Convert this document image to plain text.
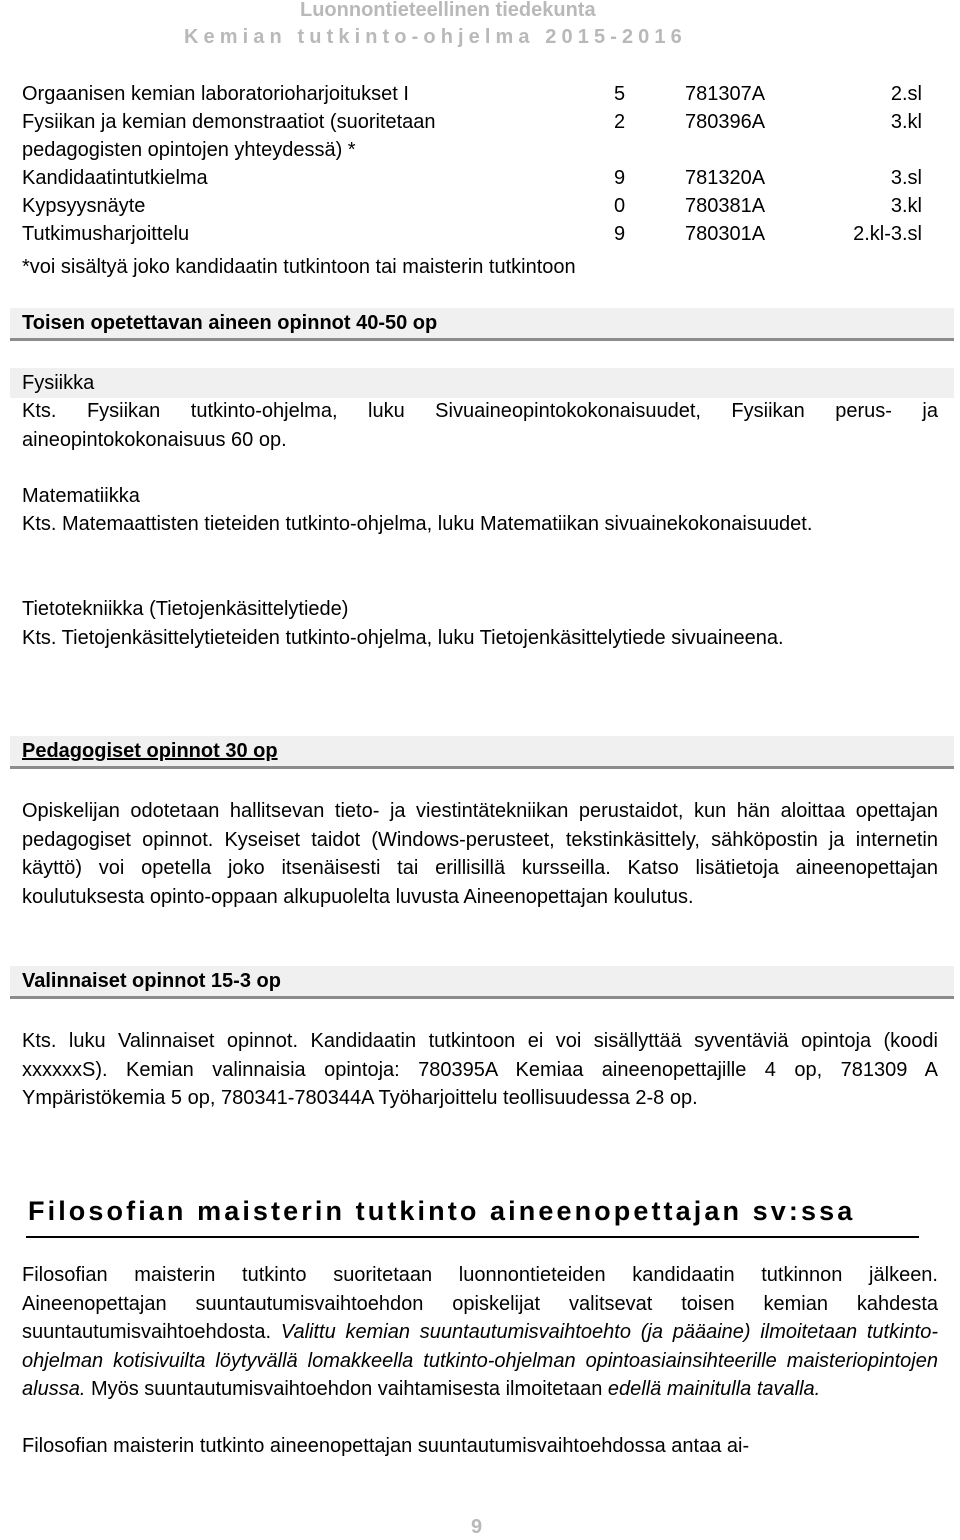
Luonnontieteellinen tiedekunta
Kemian tutkinto-ohjelma 2015-2016
Orgaanisen kemian laboratorioharjoitukset I	5	781307A	2.sl
Fysiikan ja kemian demonstraatiot (suoritetaan	2	780396A	3.kl
pedagogisten opintojen yhteydessä) *
Kandidaatintutkielma	9	781320A	3.sl
Kypsyysnäyte	0	780381A	3.kl
Tutkimusharjoittelu	9	780301A	2.kl-3.sl
*voi sisältyä joko kandidaatin tutkintoon tai maisterin tutkintoon
Toisen opetettavan aineen opinnot 40-50 op
Fysiikka
Kts. Fysiikan tutkinto-ohjelma, luku Sivuaineopintokokonaisuudet, Fysiikan perus- ja aineopintokokonaisuus 60 op.
Matematiikka
Kts. Matemaattisten tieteiden tutkinto-ohjelma, luku Matematiikan sivuainekokonaisuudet.
Tietotekniikka (Tietojenkäsittelytiede)
Kts. Tietojenkäsittelytieteiden tutkinto-ohjelma, luku Tietojenkäsittelytiede sivuaineena.
Pedagogiset opinnot 30 op
Opiskelijan odotetaan hallitsevan tieto- ja viestintätekniikan perustaidot, kun hän aloittaa opettajan pedagogiset opinnot. Kyseiset taidot (Windows-perusteet, tekstinkäsittely, sähköpostin ja internetin käyttö) voi opetella joko itsenäisesti tai erillisillä kursseilla. Katso lisätietoja aineenopettajan koulutuksesta opinto-oppaan alkupuolelta luvusta Aineenopettajan koulutus.
Valinnaiset opinnot 15-3 op
Kts. luku Valinnaiset opinnot. Kandidaatin tutkintoon ei voi sisällyttää syventäviä opintoja (koodi xxxxxxS). Kemian valinnaisia opintoja: 780395A Kemiaa aineenopettajille 4 op, 781309 A Ympäristökemia 5 op, 780341-780344A Työharjoittelu teollisuudessa 2-8 op.
Filosofian maisterin tutkinto aineenopettajan sv:ssa
Filosofian maisterin tutkinto suoritetaan luonnontieteiden kandidaatin tutkinnon jälkeen. Aineenopettajan suuntautumisvaihtoehdon opiskelijat valitsevat toisen kemian kahdesta suuntautumisvaihtoehdosta. Valittu kemian suuntautumisvaihtoehto (ja pääaine) ilmoitetaan tutkinto-ohjelman kotisivuilta löytyvällä lomakkeella tutkinto-ohjelman opintoasiainsihteerille maisteriopintojen alussa. Myös suuntautumisvaihtoehdon vaihtamisesta ilmoitetaan edellä mainitulla tavalla.
Filosofian maisterin tutkinto aineenopettajan suuntautumisvaihtoehdossa antaa ai-
9
